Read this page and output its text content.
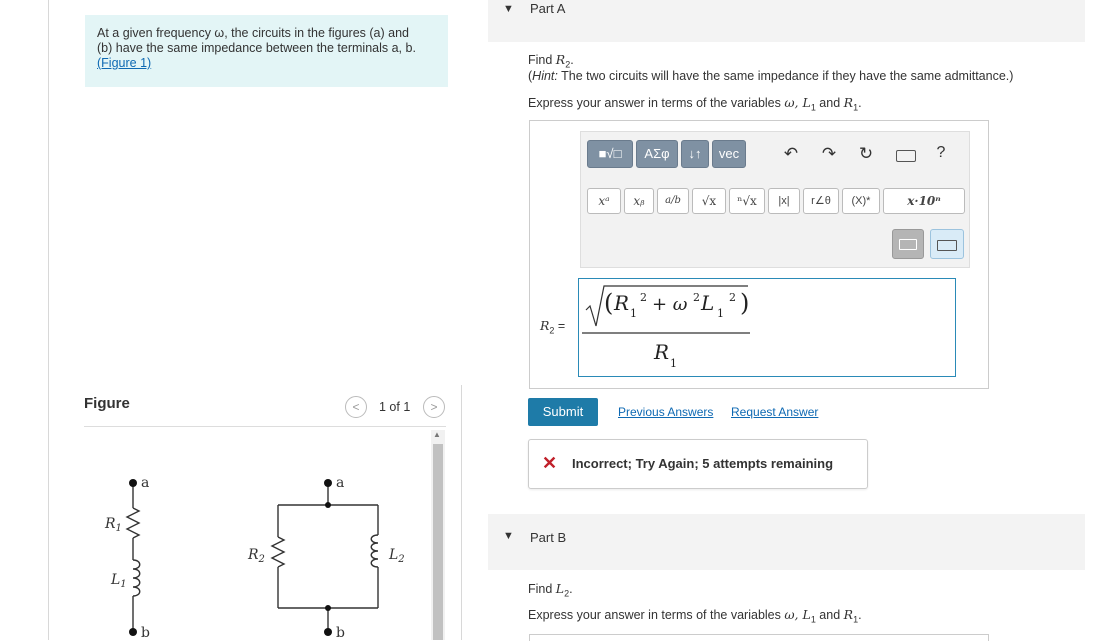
At a given frequency ω, the circuits in the figures (a) and
(b) have the same impedance between the terminals a, b.
(Figure 1)
Figure	<	1 of 1	>
a
b
$R_1$
$L_1$
a
b
$R_2$	$L_2$
▲
▼ Part A
Find $R_2$.
(Hint: The two circuits will have the same impedance if they have the same admittance.)
Express your answer in terms of the variables ω, $L_1$ and $R_1$.
■√□	ΑΣφ	↓↑	vec	↶ ↷ ↻	?
xᵃ	xᵦ	a/b	√x	ⁿ√x	|x|	r∠θ	(X)*	x·10ⁿ
$R_2$ =
(	)
R 1
2 + ω 2 L 1
2
R 1
Submit	Previous Answers Request Answer
✕ Incorrect; Try Again; 5 attempts remaining
▼ Part B
Find $L_2$.
Express your answer in terms of the variables ω, $L_1$ and $R_1$.
